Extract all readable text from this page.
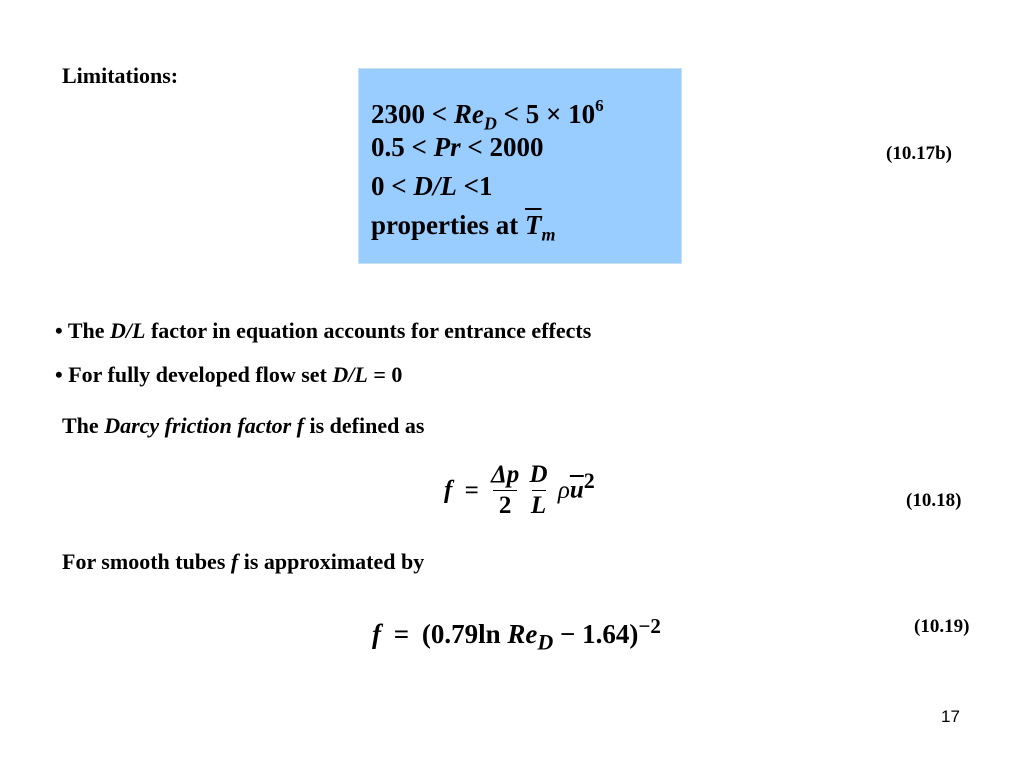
Limitations:
$2300 < Re_D < 5 \times 10^6$
0.5 < Pr < 2000
0 < D/L <1
properties at $\overline{T}_m$
(10.17b)
• The D/L factor in equation accounts for entrance effects
• For fully developed flow set D/L = 0
The Darcy friction factor f is defined as
$f = \frac{\Delta p}{2}$
$\frac{D}{L} \rho\overline{u}^2$
(10.18)
For smooth tubes f is approximated by
f = (0.79ln $Re_D - 1.64)^{-2}$	(10.19)
17
